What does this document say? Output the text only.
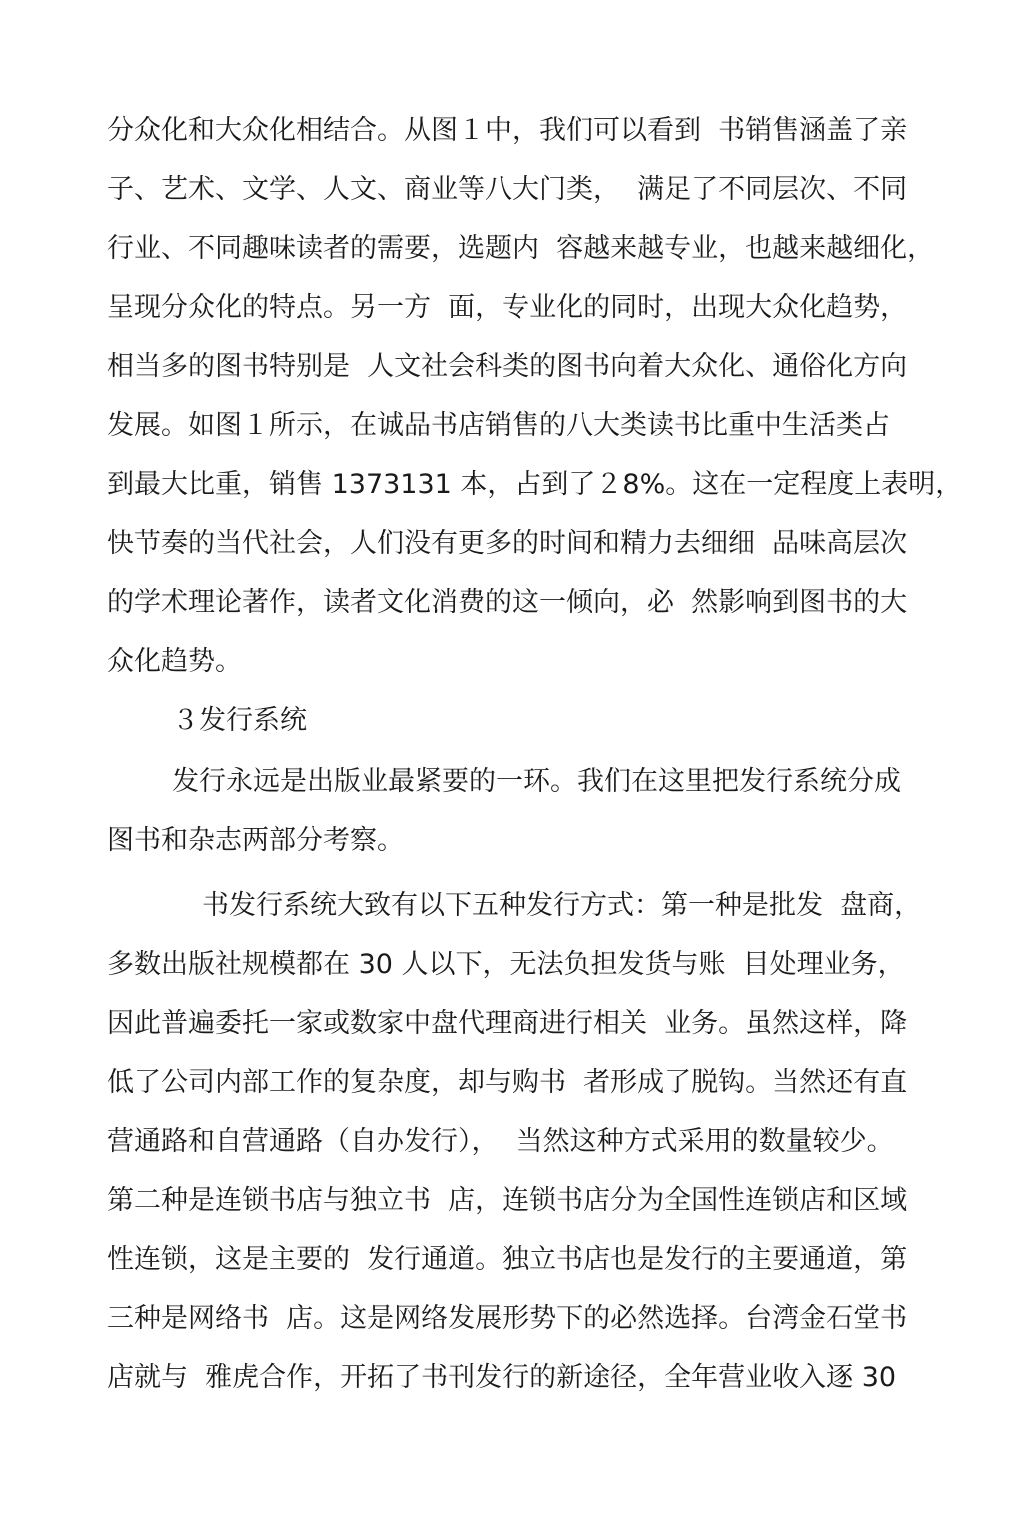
分众化和大众化相结合。从图１中，我们可以看到  书销售涵盖了亲
子、艺术、文学、人文、商业等八大门类，  满足了不同层次、不同
行业、不同趣味读者的需要，选题内  容越来越专业，也越来越细化，
呈现分众化的特点。另一方  面，专业化的同时，出现大众化趋势，
相当多的图书特别是  人文社会科类的图书向着大众化、通俗化方向
发展。如图１所示，在诚品书店销售的八大类读书比重中生活类占
到最大比重，销售 1373131 本，占到了２8%。这在一定程度上表明，
快节奏的当代社会，人们没有更多的时间和精力去细细  品味高层次
的学术理论著作，读者文化消费的这一倾向，必  然影响到图书的大
众化趋势。
３发行系统
发行永远是出版业最紧要的一环。我们在这里把发行系统分成
图书和杂志两部分考察。
书发行系统大致有以下五种发行方式：第一种是批发  盘商，
多数出版社规模都在 30 人以下，无法负担发货与账  目处理业务，
因此普遍委托一家或数家中盘代理商进行相关  业务。虽然这样，降
低了公司内部工作的复杂度，却与购书  者形成了脱钩。当然还有直
营通路和自营通路（自办发行），  当然这种方式采用的数量较少。
第二种是连锁书店与独立书  店，连锁书店分为全国性连锁店和区域
性连锁，这是主要的  发行通道。独立书店也是发行的主要通道，第
三种是网络书  店。这是网络发展形势下的必然选择。台湾金石堂书
店就与  雅虎合作，开拓了书刊发行的新途径，全年营业收入逐 30
